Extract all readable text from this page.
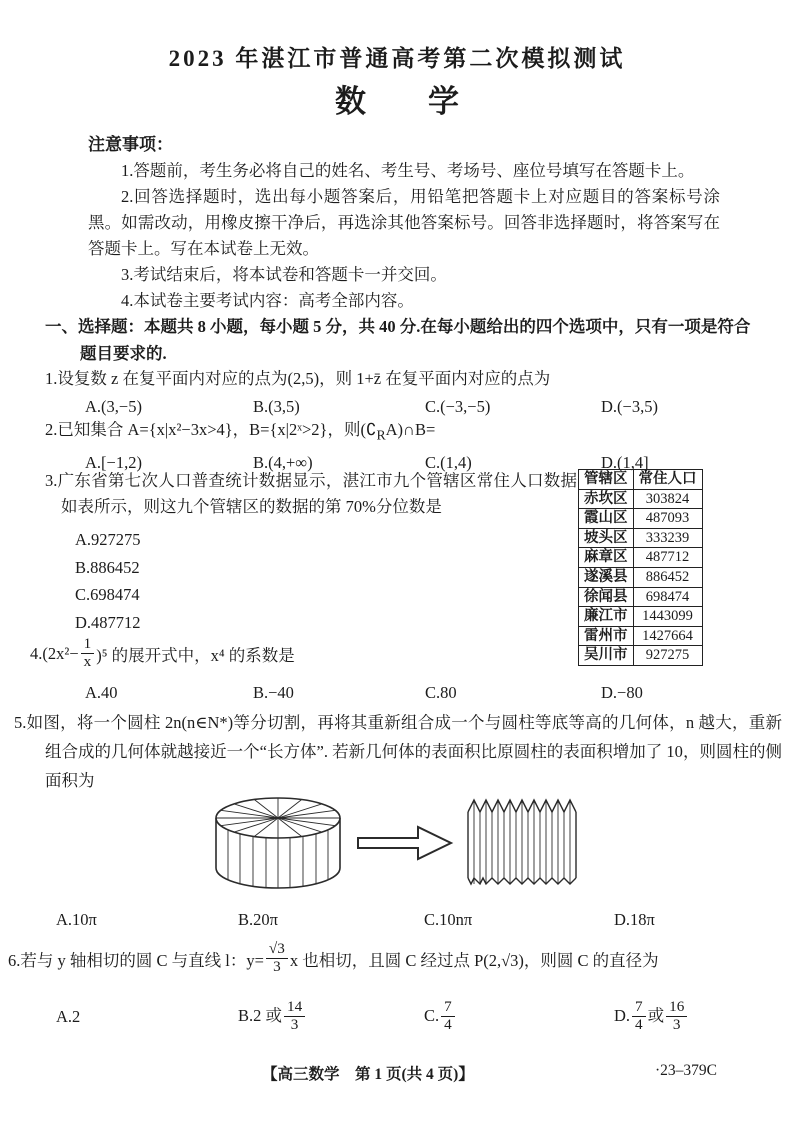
2023 年湛江市普通高考第二次模拟测试
数　　学
注意事项：

1.答题前，考生务必将自己的姓名、考生号、考场号、座位号填写在答题卡上。

2.回答选择题时，选出每小题答案后，用铅笔把答题卡上对应题目的答案标号涂黑。如需改动，用橡皮擦干净后，再选涂其他答案标号。回答非选择题时，将答案写在答题卡上。写在本试卷上无效。

3.考试结束后，将本试卷和答题卡一并交回。

4.本试卷主要考试内容：高考全部内容。

一、选择题：本题共 8 小题，每小题 5 分，共 40 分.在每小题给出的四个选项中，只有一项是符合
题目要求的.
1.设复数 z 在复平面内对应的点为(2,5)，则 1+z̄ 在复平面内对应的点为
A.(3,−5)	B.(3,5)	C.(−3,−5)	D.(−3,5)
2.已知集合 A={x|x²−3x>4}，B={x|2ˣ>2}，则$(∁_RA)\cap B=$
A.[−1,2)	B.(4,+∞)	C.(1,4)	D.(1,4]

3.广东省第七次人口普查统计数据显示，湛江市九个管辖区常住人口数据如表所示，则这九个管辖区的数据的第 70%分位数是

A.927275
B.886452
C.698474
D.487712
管辖区	常住人口
赤坎区	303824
霞山区	487093
坡头区	333239
麻章区	487712
遂溪县	886452
徐闻县	698474
廉江市	1443099
雷州市	1427664
吴川市	927275
$4.(2x^2- \frac{1}{x} )^5$ 的展开式中，x⁴ 的系数是
A.40	B.−40	C.80	D.−80

5.如图，将一个圆柱 2n(n∈N*)等分切割，再将其重新组合成一个与圆柱等底等高的几何体，n 越大，重新组合成的几何体就越接近一个“长方体”. 若新几何体的表面积比原圆柱的表面积增加了 10，则圆柱的侧面积为

A.10π	B.20π	C.10nπ	D.18π
6.若与 y 轴相切的圆 C 与直线 l：$y= \frac{√3}{3}$ x 也相切，且圆 C 经过点 P(2,√3)，则圆 C 的直径为
A.2	B.2 或 $\frac{14}{3}$	C. $\frac{7}{4}$	D. $\frac{7}{4}$ 或 $\frac{16}{3}$
【高三数学　第 1 页(共 4 页)】	·23–379C
